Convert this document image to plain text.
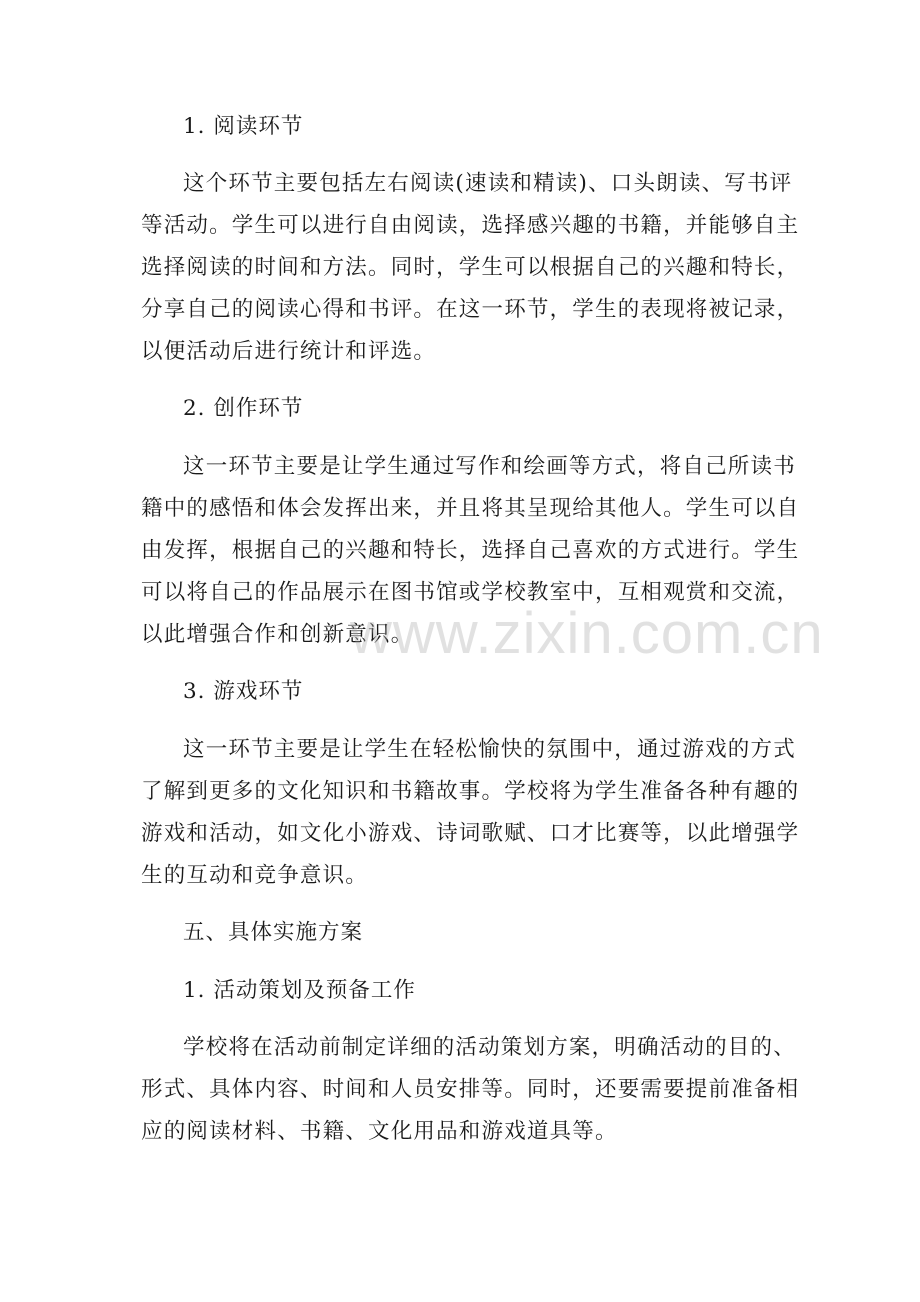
1. 阅读环节
这个环节主要包括左右阅读(速读和精读)、口头朗读、写书评
等活动。学生可以进行自由阅读，选择感兴趣的书籍，并能够自主
选择阅读的时间和方法。同时，学生可以根据自己的兴趣和特长，
分享自己的阅读心得和书评。在这一环节，学生的表现将被记录，
以便活动后进行统计和评选。
2. 创作环节
这一环节主要是让学生通过写作和绘画等方式，将自己所读书
籍中的感悟和体会发挥出来，并且将其呈现给其他人。学生可以自
由发挥，根据自己的兴趣和特长，选择自己喜欢的方式进行。学生
可以将自己的作品展示在图书馆或学校教室中，互相观赏和交流，
以此增强合作和创新意识。
3. 游戏环节
这一环节主要是让学生在轻松愉快的氛围中，通过游戏的方式
了解到更多的文化知识和书籍故事。学校将为学生准备各种有趣的
游戏和活动，如文化小游戏、诗词歌赋、口才比赛等，以此增强学
生的互动和竞争意识。
五、具体实施方案
1. 活动策划及预备工作
学校将在活动前制定详细的活动策划方案，明确活动的目的、
形式、具体内容、时间和人员安排等。同时，还要需要提前准备相
应的阅读材料、书籍、文化用品和游戏道具等。
www.zixin.com.cn
